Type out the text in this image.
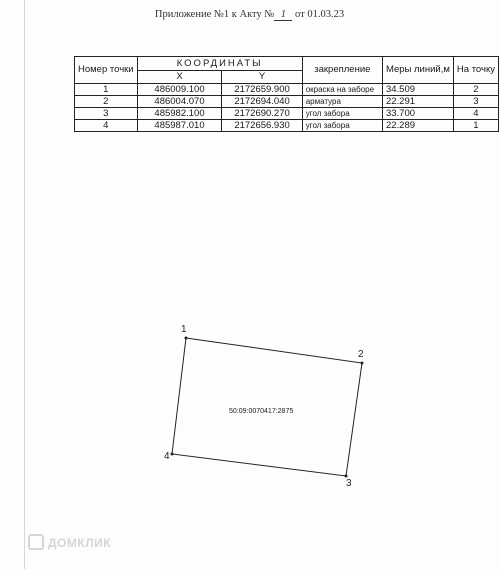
Приложение №1 к Акту № 1 от 01.03.23
Номер точки	КООРДИНАТЫ		закрепление	Меры линий,м	На точку
	X	Y			
1	486009.100	2172659.900	окраска на заборе	34.509	2
2	486004.070	2172694.040	арматура	22.291	3
3	485982.100	2172690.270	угол забора	33.700	4
4	485987.010	2172656.930	угол забора	22.289	1
1
2
3
4
50:09:0070417:2875
ДОМКЛИК
